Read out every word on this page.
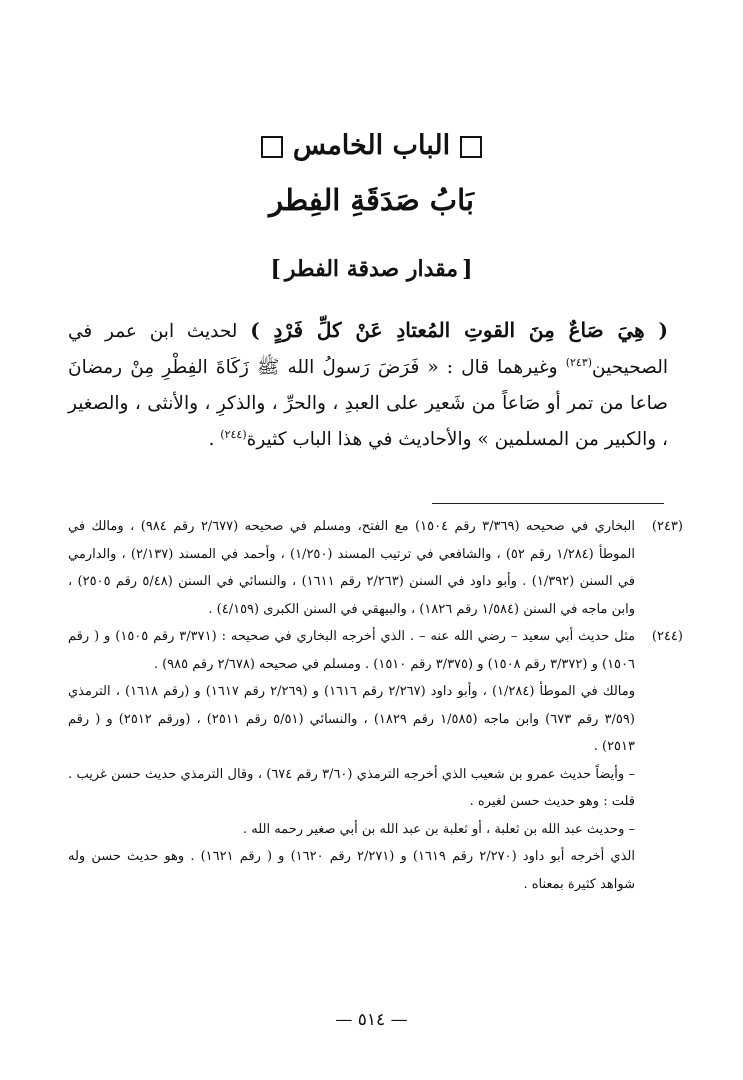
الباب الخامس
بَابُ صَدَقَةِ الفِطر
[مقدار صدقة الفطر]
( هِيَ صَاعٌ مِنَ القوتِ المُعتادِ عَنْ كلِّ فَرْدٍ ) لحديث ابن عمر في الصحيحين$^{(٢٤٣)}$ وغيرهما قال : « فَرَضَ رَسولُ الله ﷺ زَكَاةَ الفِطْرِ مِنْ رمضانَ صاعا من تمر أو صَاعاً من شَعير على العبدِ ، والحرِّ ، والذكرِ ، والأنثى ، والصغير ، والكبير من المسلمين » والأحاديث في هذا الباب كثيرة$^{(٢٤٤)}$ .
(٢٤٣)

البخاري في صحيحه (٣/٣٦٩ رقم ١٥٠٤) مع الفتح، ومسلم في صحيحه (٢/٦٧٧ رقم ٩٨٤) ، ومالك في الموطأ (١/٢٨٤ رقم ٥٢) ، والشافعي في ترتيب المسند (١/٢٥٠) ، وأحمد في المسند (٢/١٣٧) ، والدارمي في السنن (١/٣٩٢) . وأبو داود في السنن (٢/٢٦٣ رقم ١٦١١) ، والنسائي في السنن (٥/٤٨ رقم ٢٥٠٥) ، وابن ماجه في السنن (١/٥٨٤ رقم ١٨٢٦) ، والبيهقي في السنن الكبرى (٤/١٥٩) .

(٢٤٤)

مثل حديث أبي سعيد – رضي الله عنه – . الذي أخرجه البخاري في صحيحه : (٣/٣٧١ رقم ١٥٠٥) و ( رقم ١٥٠٦) و (٣/٣٧٢ رقم ١٥٠٨) و (٣/٣٧٥ رقم ١٥١٠) . ومسلم في صحيحه (٢/٦٧٨ رقم ٩٨٥) .

ومالك في الموطأ (١/٢٨٤) ، وأبو داود (٢/٢٦٧ رقم ١٦١٦) و (٢/٢٦٩ رقم ١٦١٧) و (رقم ١٦١٨) ، الترمذي (٣/٥٩ رقم ٦٧٣) وابن ماجه (١/٥٨٥ رقم ١٨٢٩) ، والنسائي (٥/٥١ رقم ٢٥١١) ، (ورقم ٢٥١٢) و ( رقم ٢٥١٣) .

– وأيضاً حديث عمرو بن شعيب الذي أخرجه الترمذي (٣/٦٠ رقم ٦٧٤) ، وقال الترمذي حديث حسن غريب . قلت : وهو حديث حسن لغيره .

– وحديث عبد الله بن ثعلبة ، أو ثعلبة بن عبد الله بن أبي صغير رحمه الله .

الذي أخرجه أبو داود (٢/٢٧٠ رقم ١٦١٩) و (٢/٢٧١ رقم ١٦٢٠) و ( رقم ١٦٢١) . وهو حديث حسن وله شواهد كثيرة بمعناه .

— ٥١٤ —
